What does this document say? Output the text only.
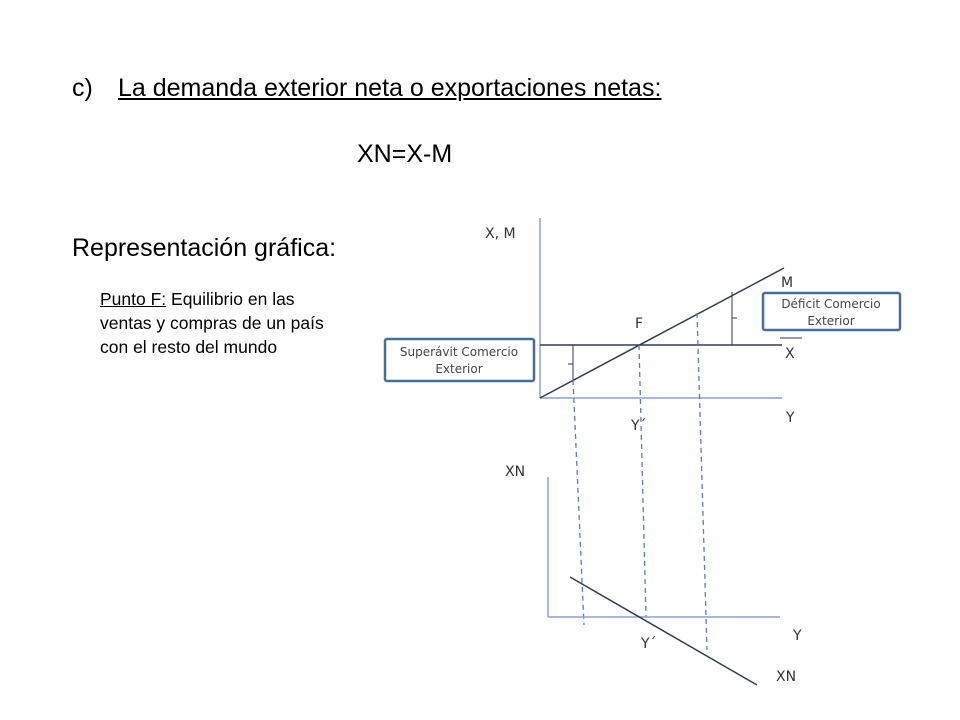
c) La demanda exterior neta o exportaciones netas:
XN=X-M
Representación gráfica:
Punto F: Equilibrio en las ventas y compras de un país con el resto del mundo
Déficit Comercio
Exterior
Superávit Comercio
Exterior
X, M
M
F
X
Y
Y´
XN
Y
Y´
XN
